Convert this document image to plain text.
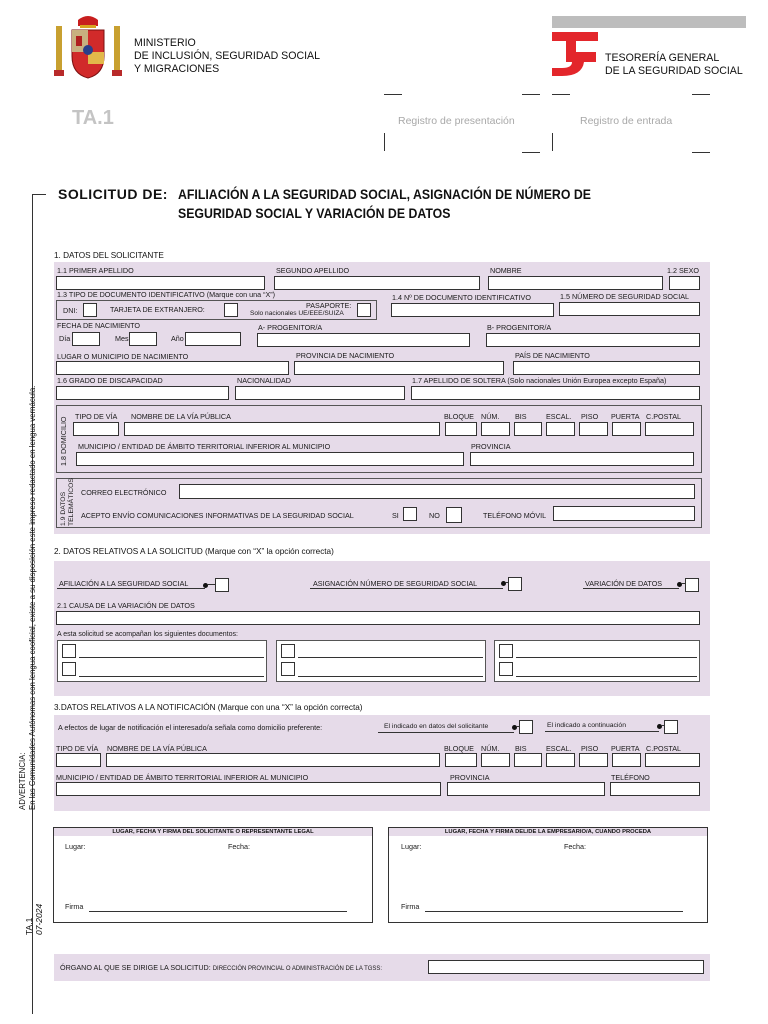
MINISTERIO
DE INCLUSIÓN, SEGURIDAD SOCIAL
Y MIGRACIONES
TESORERÍA GENERAL
DE LA SEGURIDAD SOCIAL
TA.1	Registro de presentación	Registro de entrada
SOLICITUD DE: AFILIACIÓN A LA SEGURIDAD SOCIAL, ASIGNACIÓN DE NÚMERO DE
SEGURIDAD SOCIAL Y VARIACIÓN DE DATOS
ADVERTENCIA: En las Comunidades Autónomas con lengua cooficial, existe a su disposición este impreso redactado en lengua vernácula.
TA.1 07-2024
1. DATOS DEL SOLICITANTE
1.1 PRIMER APELLIDO	SEGUNDO APELLIDO	NOMBRE	1.2 SEXO
1.3 TIPO DE DOCUMENTO IDENTIFICATIVO (Marque con una “X”)
DNI:	TARJETA DE EXTRANJERO:	PASAPORTE:
Solo nacionales UE/EEE/SUIZA
1.4 Nº DE DOCUMENTO IDENTIFICATIVO	1.5 NÚMERO DE SEGURIDAD SOCIAL
FECHA DE NACIMIENTO
Día	Mes	Año
A- PROGENITOR/A	B- PROGENITOR/A
LUGAR O MUNICIPIO DE NACIMIENTO	PROVINCIA DE NACIMIENTO	PAÍS DE NACIMIENTO
1.6 GRADO DE DISCAPACIDAD	NACIONALIDAD	1.7 APELLIDO DE SOLTERA (Solo nacionales Unión Europea excepto España)
1.8 DOMICILIO TIPO DE VÍA NOMBRE DE LA VÍA PÚBLICA	BLOQUE NÚM. BIS	ESCAL. PISO PUERTA C.POSTAL
MUNICIPIO / ENTIDAD DE ÁMBITO TERRITORIAL INFERIOR AL MUNICIPIO	PROVINCIA
1.9 DATOS TELEMÁTICOS CORREO ELECTRÓNICO
ACEPTO ENVÍO COMUNICACIONES INFORMATIVAS DE LA SEGURIDAD SOCIAL	SI	NO	TELÉFONO MÓVIL
2. DATOS RELATIVOS A LA SOLICITUD (Marque con “X” la opción correcta)
AFILIACIÓN A LA SEGURIDAD SOCIAL	ASIGNACIÓN NÚMERO DE SEGURIDAD SOCIAL	VARIACIÓN DE DATOS
2.1 CAUSA DE LA VARIACIÓN DE DATOS
A esta solicitud se acompañan los siguientes documentos:
3.DATOS RELATIVOS A LA NOTIFICACIÓN (Marque con una “X” la opción correcta)
A efectos de lugar de notificación el interesado/a señala como domicilio preferente:	El indicado en datos del solicitante	El indicado a continuación
TIPO DE VÍA NOMBRE DE LA VÍA PÚBLICA	BLOQUE NÚM. BIS	ESCAL. PISO PUERTA C.POSTAL
MUNICIPIO / ENTIDAD DE ÁMBITO TERRITORIAL INFERIOR AL MUNICIPIO	PROVINCIA	TELÉFONO
LUGAR, FECHA Y FIRMA DEL SOLICITANTE O REPRESENTANTE LEGAL
Lugar:	Fecha:
Firma
LUGAR, FECHA Y FIRMA DEL/DE LA EMPRESARIO/A, CUANDO PROCEDA
Lugar:	Fecha:
Firma
ÓRGANO AL QUE SE DIRIGE LA SOLICITUD: DIRECCIÓN PROVINCIAL O ADMINISTRACIÓN DE LA TGSS:
